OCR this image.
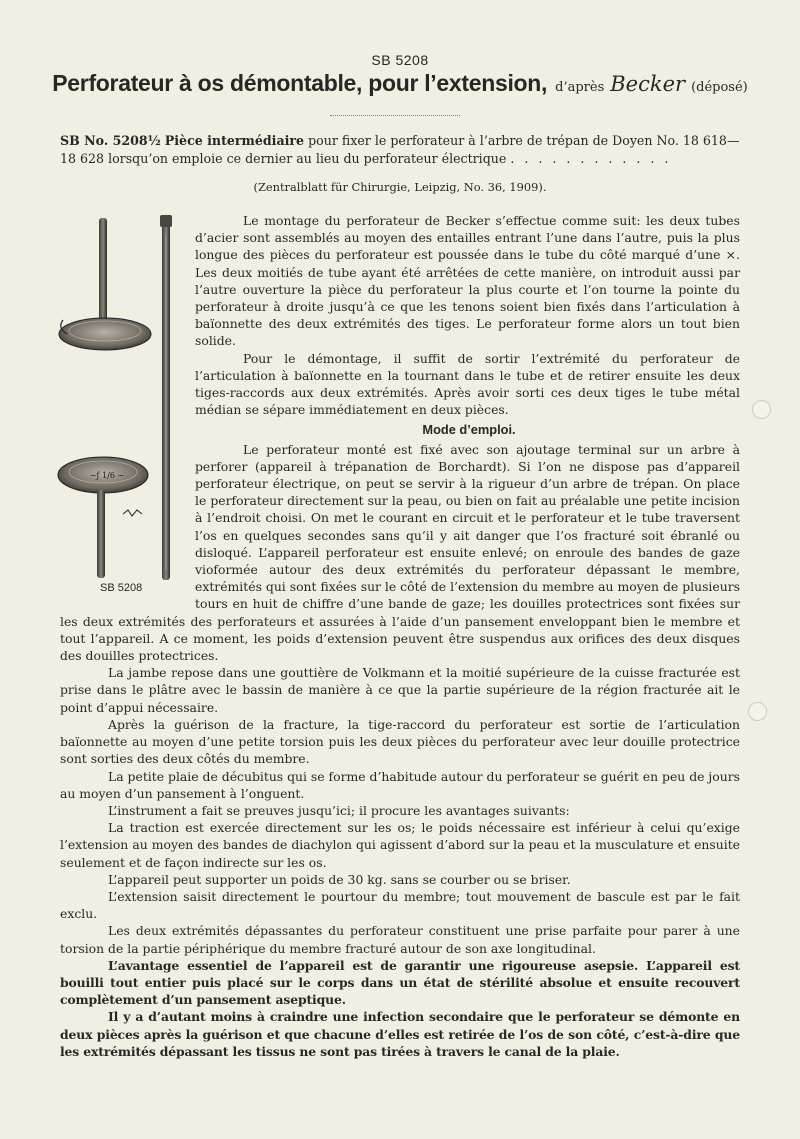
SB 5208
Perforateur à os démontable, pour l’extension, d’après Becker (déposé)
SB No. 5208½ Pièce intermédiaire pour fixer le perforateur à l’arbre de trépan de Doyen No. 18 618—18 628 lorsqu’on emploie ce dernier au lieu du perforateur électrique . . . . . . . . . . . .
(Zentralblatt für Chirurgie, Leipzig, No. 36, 1909).
~ƒ 1/6 ~
SB 5208

Le montage du perforateur de Becker s’effectue comme suit: les deux tubes d’acier sont assemblés au moyen des entailles entrant l’une dans l’autre, puis la plus longue des pièces du perforateur est poussée dans le tube du côté marqué d’une ×. Les deux moitiés de tube ayant été arrêtées de cette manière, on introduit aussi par l’autre ouverture la pièce du perforateur la plus courte et l’on tourne la pointe du perforateur à droite jusqu’à ce que les tenons soient bien fixés dans l’articulation à baïonnette des deux extrémités des tiges. Le perforateur forme alors un tout bien solide.

Pour le démontage, il suffit de sortir l’extrémité du perforateur de l’articulation à baïonnette en la tournant dans le tube et de retirer ensuite les deux tiges-raccords aux deux extrémités. Après avoir sorti ces deux tiges le tube métal médian se sépare immédiatement en deux pièces.

Mode d’emploi.

Le perforateur monté est fixé avec son ajoutage terminal sur un arbre à perforer (appareil à trépanation de Borchardt). Si l’on ne dispose pas d’appareil perforateur électrique, on peut se servir à la rigueur d’un arbre de trépan. On place le perforateur directement sur la peau, ou bien on fait au préalable une petite incision à l’endroit choisi. On met le courant en circuit et le perforateur et le tube traversent l’os en quelques secondes sans qu’il y ait danger que l’os fracturé soit ébranlé ou disloqué. L’appareil perforateur est ensuite enlevé; on enroule des bandes de gaze vioformée autour des deux extrémités du perforateur dépassant le membre, extrémités qui sont fixées sur le côté de l’extension du membre au moyen de plusieurs tours en huit de chiffre d’une bande de gaze; les douilles protectrices sont fixées sur les deux extrémités des perforateurs et assurées à l’aide d’un pansement enveloppant bien le membre et tout l’appareil. A ce moment, les poids d’extension peuvent être suspendus aux orifices des deux disques des douilles protectrices.

La jambe repose dans une gouttière de Volkmann et la moitié supérieure de la cuisse fracturée est prise dans le plâtre avec le bassin de manière à ce que la partie supérieure de la région fracturée ait le point d’appui nécessaire.

Après la guérison de la fracture, la tige-raccord du perforateur est sortie de l’articulation baïonnette au moyen d’une petite torsion puis les deux pièces du perforateur avec leur douille protectrice sont sorties des deux côtés du membre.

La petite plaie de décubitus qui se forme d’habitude autour du perforateur se guérit en peu de jours au moyen d’un pansement à l’onguent.

L’instrument a fait se preuves jusqu’ici; il procure les avantages suivants:

La traction est exercée directement sur les os; le poids nécessaire est inférieur à celui qu’exige l’extension au moyen des bandes de diachylon qui agissent d’abord sur la peau et la musculature et ensuite seulement et de façon indirecte sur les os.

L’appareil peut supporter un poids de 30 kg. sans se courber ou se briser.

L’extension saisit directement le pourtour du membre; tout mouvement de bascule est par le fait exclu.

Les deux extrémités dépassantes du perforateur constituent une prise parfaite pour parer à une torsion de la partie périphérique du membre fracturé autour de son axe longitudinal.

L’avantage essentiel de l’appareil est de garantir une rigoureuse asepsie. L’appareil est bouilli tout entier puis placé sur le corps dans un état de stérilité absolue et ensuite recouvert complètement d’un pansement aseptique.

Il y a d’autant moins à craindre une infection secondaire que le perforateur se démonte en deux pièces après la guérison et que chacune d’elles est retirée de l’os de son côté, c’est-à-dire que les extrémités dépassant les tissus ne sont pas tirées à travers le canal de la plaie.
